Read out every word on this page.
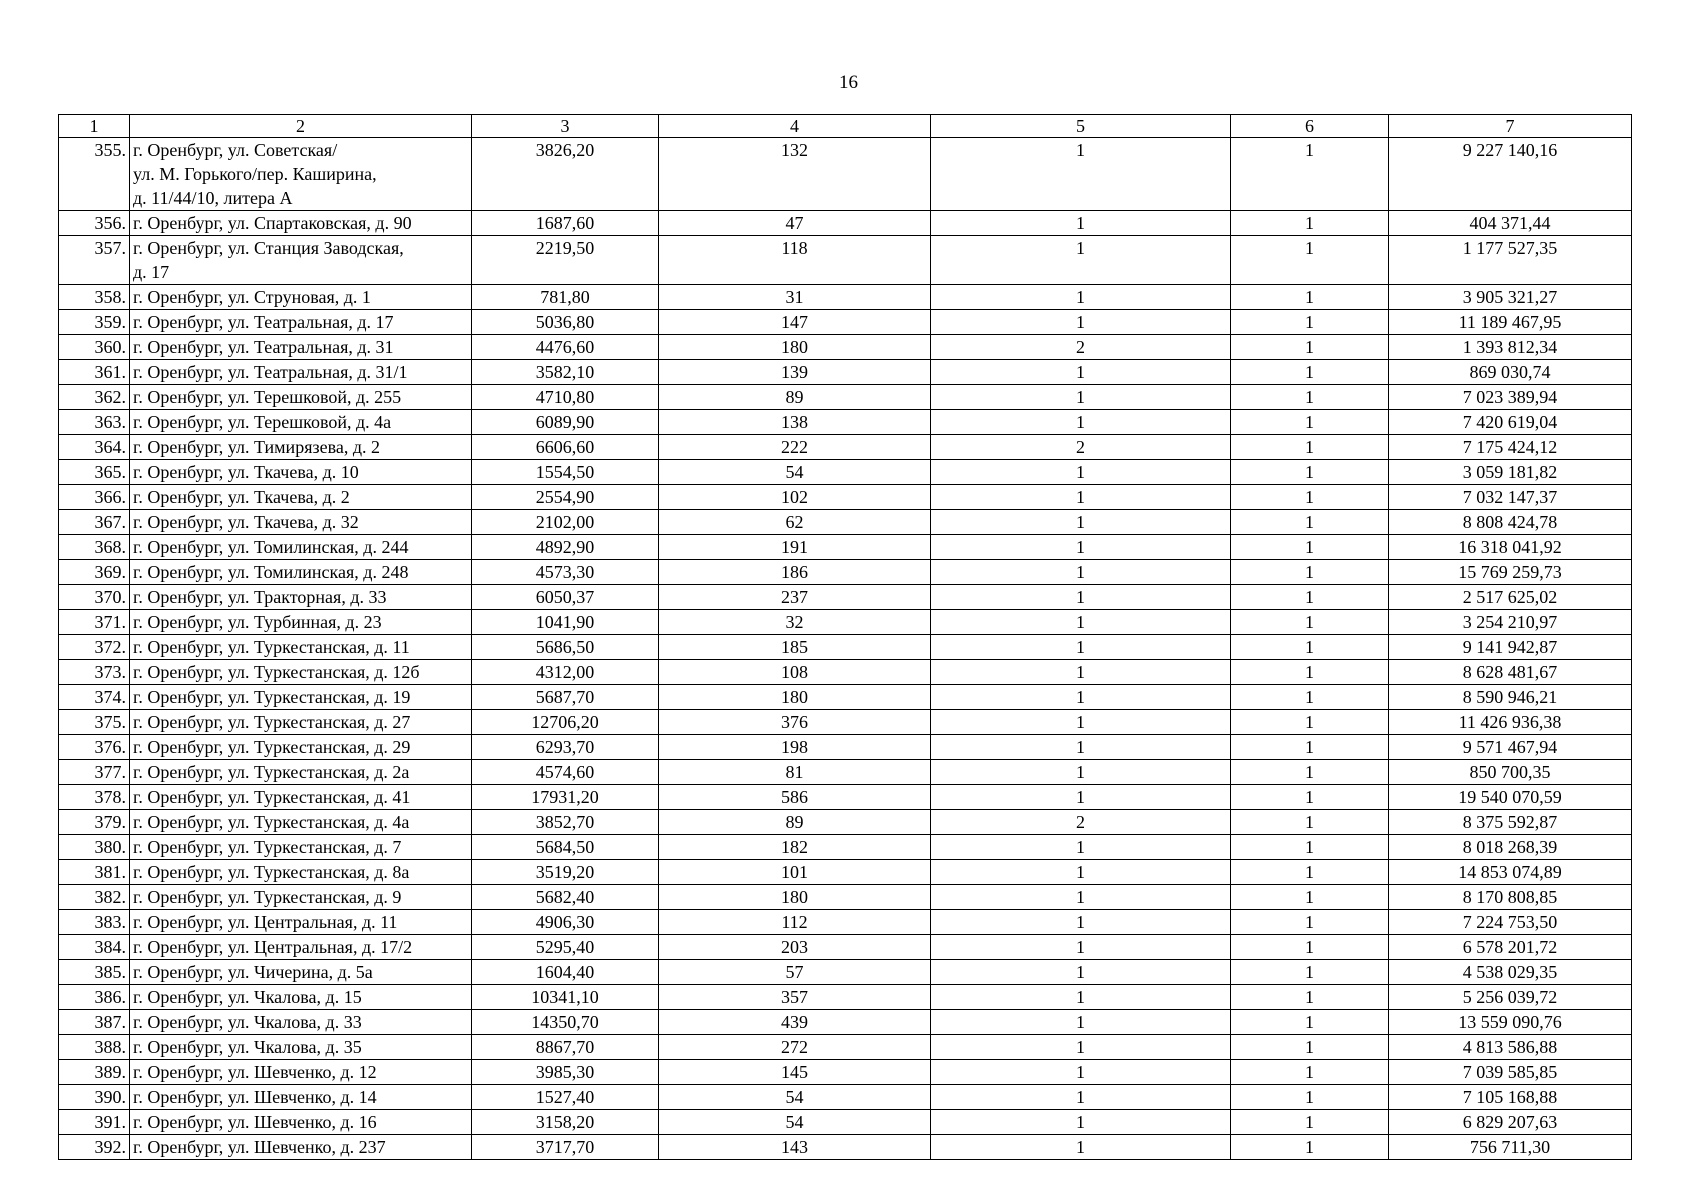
16
1	2	3	4	5	6	7
355.	г. Оренбург, ул. Советская/
ул. М. Горького/пер. Каширина,
д. 11/44/10, литера А	3826,20	132	1	1	9 227 140,16
356.	г. Оренбург, ул. Спартаковская, д. 90	1687,60	47	1	1	404 371,44
357.	г. Оренбург, ул. Станция Заводская,
д. 17	2219,50	118	1	1	1 177 527,35
358.	г. Оренбург, ул. Струновая, д. 1	781,80	31	1	1	3 905 321,27
359.	г. Оренбург, ул. Театральная, д. 17	5036,80	147	1	1	11 189 467,95
360.	г. Оренбург, ул. Театральная, д. 31	4476,60	180	2	1	1 393 812,34
361.	г. Оренбург, ул. Театральная, д. 31/1	3582,10	139	1	1	869 030,74
362.	г. Оренбург, ул. Терешковой, д. 255	4710,80	89	1	1	7 023 389,94
363.	г. Оренбург, ул. Терешковой, д. 4а	6089,90	138	1	1	7 420 619,04
364.	г. Оренбург, ул. Тимирязева, д. 2	6606,60	222	2	1	7 175 424,12
365.	г. Оренбург, ул. Ткачева, д. 10	1554,50	54	1	1	3 059 181,82
366.	г. Оренбург, ул. Ткачева, д. 2	2554,90	102	1	1	7 032 147,37
367.	г. Оренбург, ул. Ткачева, д. 32	2102,00	62	1	1	8 808 424,78
368.	г. Оренбург, ул. Томилинская, д. 244	4892,90	191	1	1	16 318 041,92
369.	г. Оренбург, ул. Томилинская, д. 248	4573,30	186	1	1	15 769 259,73
370.	г. Оренбург, ул. Тракторная, д. 33	6050,37	237	1	1	2 517 625,02
371.	г. Оренбург, ул. Турбинная, д. 23	1041,90	32	1	1	3 254 210,97
372.	г. Оренбург, ул. Туркестанская, д. 11	5686,50	185	1	1	9 141 942,87
373.	г. Оренбург, ул. Туркестанская, д. 12б	4312,00	108	1	1	8 628 481,67
374.	г. Оренбург, ул. Туркестанская, д. 19	5687,70	180	1	1	8 590 946,21
375.	г. Оренбург, ул. Туркестанская, д. 27	12706,20	376	1	1	11 426 936,38
376.	г. Оренбург, ул. Туркестанская, д. 29	6293,70	198	1	1	9 571 467,94
377.	г. Оренбург, ул. Туркестанская, д. 2а	4574,60	81	1	1	850 700,35
378.	г. Оренбург, ул. Туркестанская, д. 41	17931,20	586	1	1	19 540 070,59
379.	г. Оренбург, ул. Туркестанская, д. 4а	3852,70	89	2	1	8 375 592,87
380.	г. Оренбург, ул. Туркестанская, д. 7	5684,50	182	1	1	8 018 268,39
381.	г. Оренбург, ул. Туркестанская, д. 8а	3519,20	101	1	1	14 853 074,89
382.	г. Оренбург, ул. Туркестанская, д. 9	5682,40	180	1	1	8 170 808,85
383.	г. Оренбург, ул. Центральная, д. 11	4906,30	112	1	1	7 224 753,50
384.	г. Оренбург, ул. Центральная, д. 17/2	5295,40	203	1	1	6 578 201,72
385.	г. Оренбург, ул. Чичерина, д. 5а	1604,40	57	1	1	4 538 029,35
386.	г. Оренбург, ул. Чкалова, д. 15	10341,10	357	1	1	5 256 039,72
387.	г. Оренбург, ул. Чкалова, д. 33	14350,70	439	1	1	13 559 090,76
388.	г. Оренбург, ул. Чкалова, д. 35	8867,70	272	1	1	4 813 586,88
389.	г. Оренбург, ул. Шевченко, д. 12	3985,30	145	1	1	7 039 585,85
390.	г. Оренбург, ул. Шевченко, д. 14	1527,40	54	1	1	7 105 168,88
391.	г. Оренбург, ул. Шевченко, д. 16	3158,20	54	1	1	6 829 207,63
392.	г. Оренбург, ул. Шевченко, д. 237	3717,70	143	1	1	756 711,30
